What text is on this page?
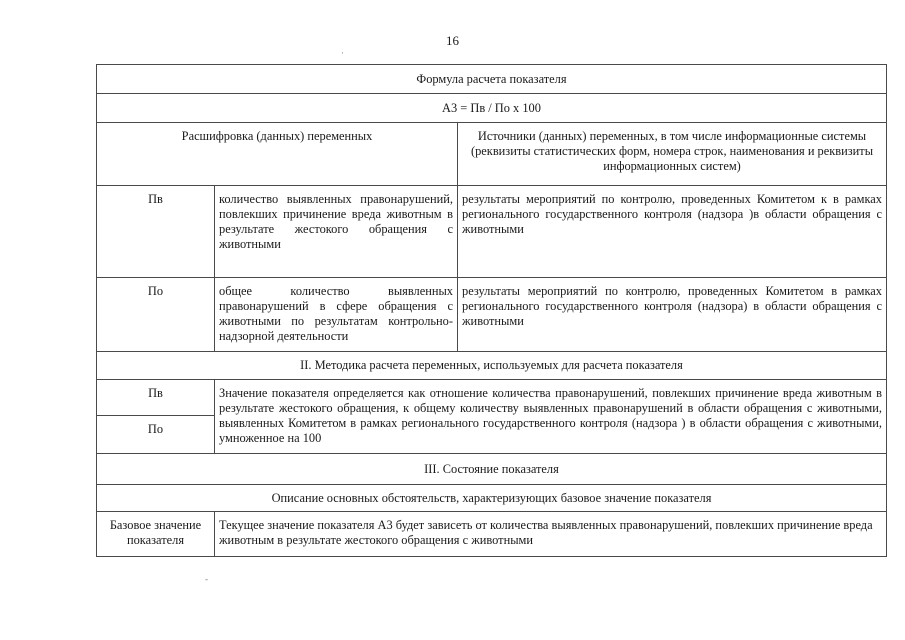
16
Формула расчета показателя		
А3 = Пв / По х 100		
Расшифровка (данных) переменных		Источники (данных) переменных, в том числе информационные системы (реквизиты статистических форм, номера строк, наименования и реквизиты информационных систем)
Пв	количество выявленных правонарушений, повлекших причинение вреда животным в результате жестокого обращения с животными	результаты мероприятий по контролю, проведенных Комитетом к в рамках регионального государственного контроля (надзора )в области обращения с животными
По	общее количество выявленных правонарушений в сфере обращения с животными по результатам контрольно-надзорной деятельности	результаты мероприятий по контролю, проведенных Комитетом в рамках регионального государственного контроля (надзора) в области обращения с животными
II. Методика расчета переменных, используемых для расчета показателя		
Пв	Значение показателя определяется как отношение количества правонарушений, повлекших причинение вреда животным в результате жестокого обращения, к общему количеству выявленных правонарушений в области обращения с животными, выявленных Комитетом в рамках регионального государственного контроля (надзора ) в области обращения с животными, умноженное на 100	
По		
III. Состояние показателя		
Описание основных обстоятельств, характеризующих базовое значение показателя		
Базовое значение показателя	Текущее значение показателя А3 будет зависеть от количества выявленных правонарушений, повлекших причинение вреда животным в результате жестокого обращения с животными	
·
-
